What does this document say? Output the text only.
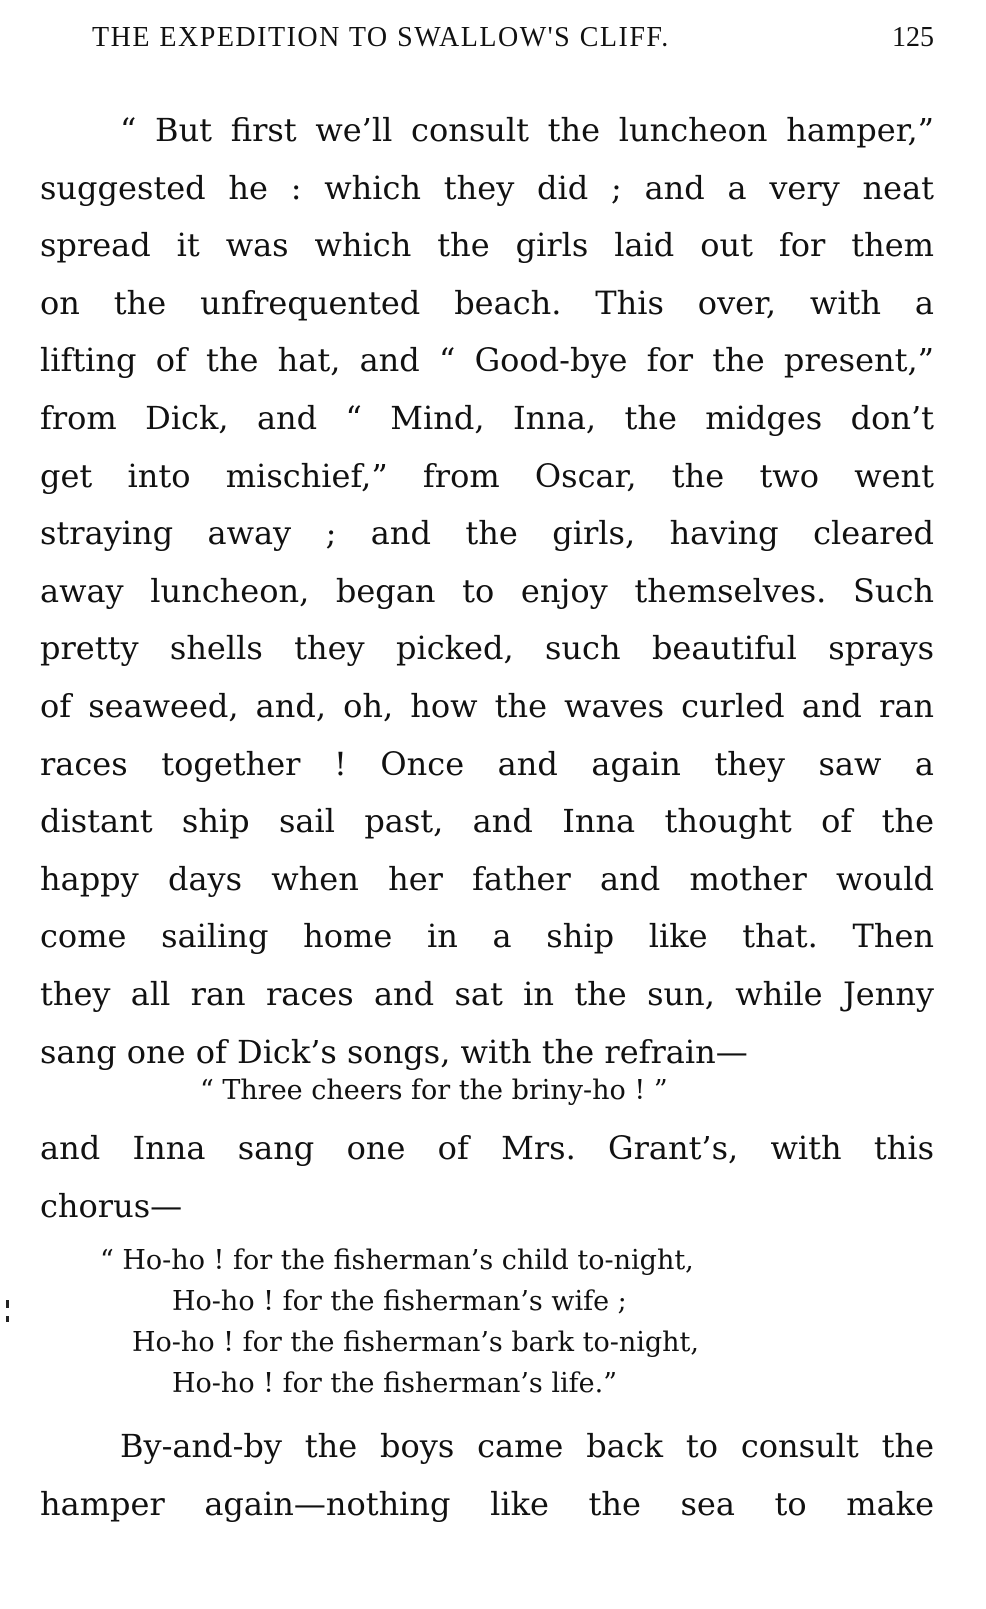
THE EXPEDITION TO SWALLOW'S CLIFF.	125
“ But first we’ll consult the luncheon hamper,”
suggested he : which they did ; and a very neat
spread it was which the girls laid out for them
on the unfrequented beach. This over, with a
lifting of the hat, and “ Good-bye for the present,”
from Dick, and “ Mind, Inna, the midges don’t
get into mischief,” from Oscar, the two went
straying away ; and the girls, having cleared
away luncheon, began to enjoy themselves. Such
pretty shells they picked, such beautiful sprays
of seaweed, and, oh, how the waves curled and ran
races together ! Once and again they saw a
distant ship sail past, and Inna thought of the
happy days when her father and mother would
come sailing home in a ship like that. Then
they all ran races and sat in the sun, while Jenny
sang one of Dick’s songs, with the refrain—
“ Three cheers for the briny-ho ! ”
and Inna sang one of Mrs. Grant’s, with this
chorus—
“ Ho-ho ! for the fisherman’s child to-night,
Ho-ho ! for the fisherman’s wife ;
Ho-ho ! for the fisherman’s bark to-night,
Ho-ho ! for the fisherman’s life.”
By-and-by the boys came back to consult the
hamper again—nothing like the sea to make
